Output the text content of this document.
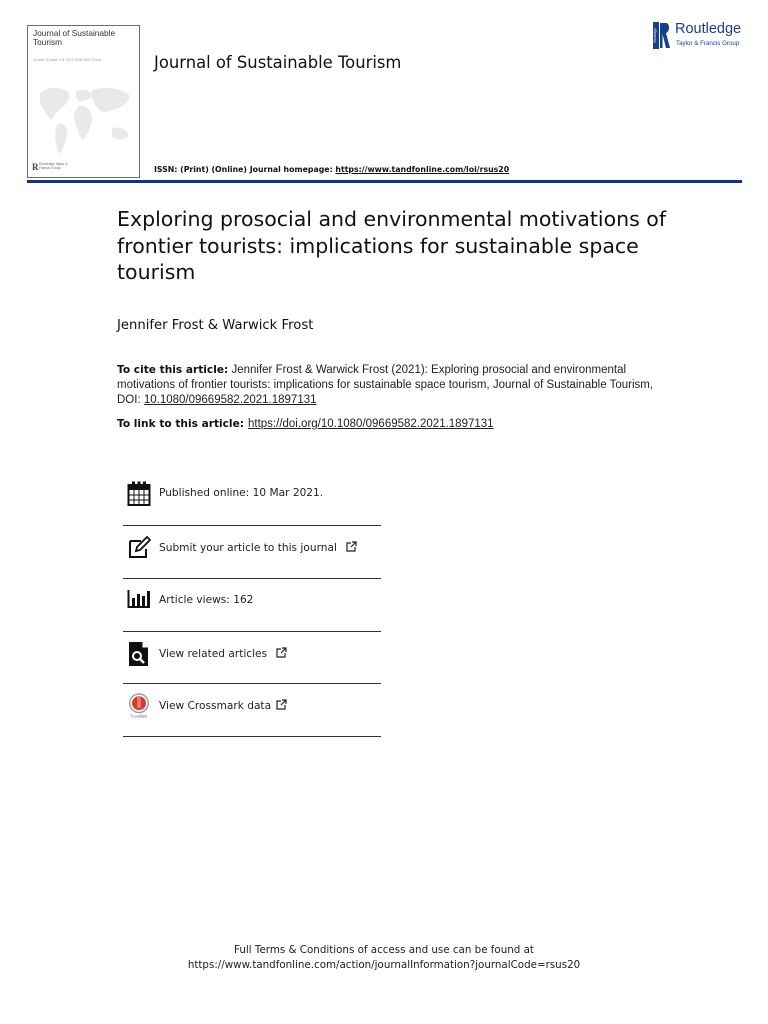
Journal of Sustainable Tourism
Volume 00 Issue 0 B, 2021 ISSN 0000 (Print)
R Routledge Taylor & Francis Group
Journal of Sustainable Tourism
ISSN: (Print) (Online) Journal homepage: https://www.tandfonline.com/loi/rsus20
Routledge Routledge
Taylor & Francis Group
Exploring prosocial and environmental motivations of frontier tourists: implications for sustainable space tourism
Jennifer Frost & Warwick Frost
To cite this article: Jennifer Frost & Warwick Frost (2021): Exploring prosocial and environmental motivations of frontier tourists: implications for sustainable space tourism, Journal of Sustainable Tourism, DOI: 10.1080/09669582.2021.1897131
To link to this article: https://doi.org/10.1080/09669582.2021.1897131
Published online: 10 Mar 2021.
Submit your article to this journal
Article views: 162
View related articles
CrossMark
View Crossmark data
Full Terms & Conditions of access and use can be found at
https://www.tandfonline.com/action/journalInformation?journalCode=rsus20
